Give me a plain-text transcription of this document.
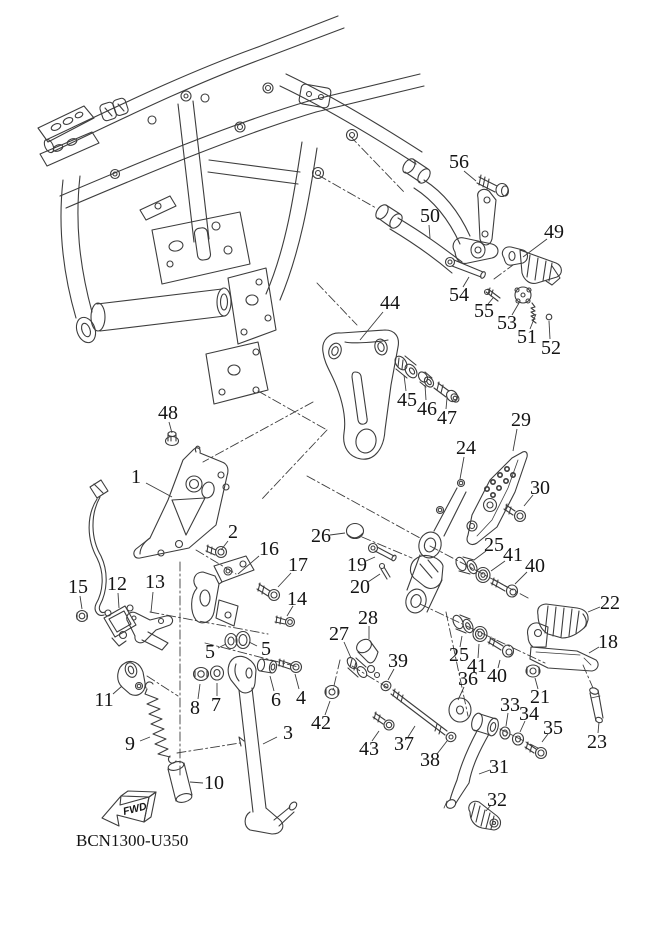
FWD
1
2
3
4
5 5
6
7
8
9
10
11
12 13
14
15
16
17
18
19
20
21
22
23
24
25
25
26
27
28
29
30
31
32
33 34
35
36
37
38
39
40
40
41
41
42
43
44
45 46 47
48
49
50
51 52
53
54
55
56
BCN1300-U350
